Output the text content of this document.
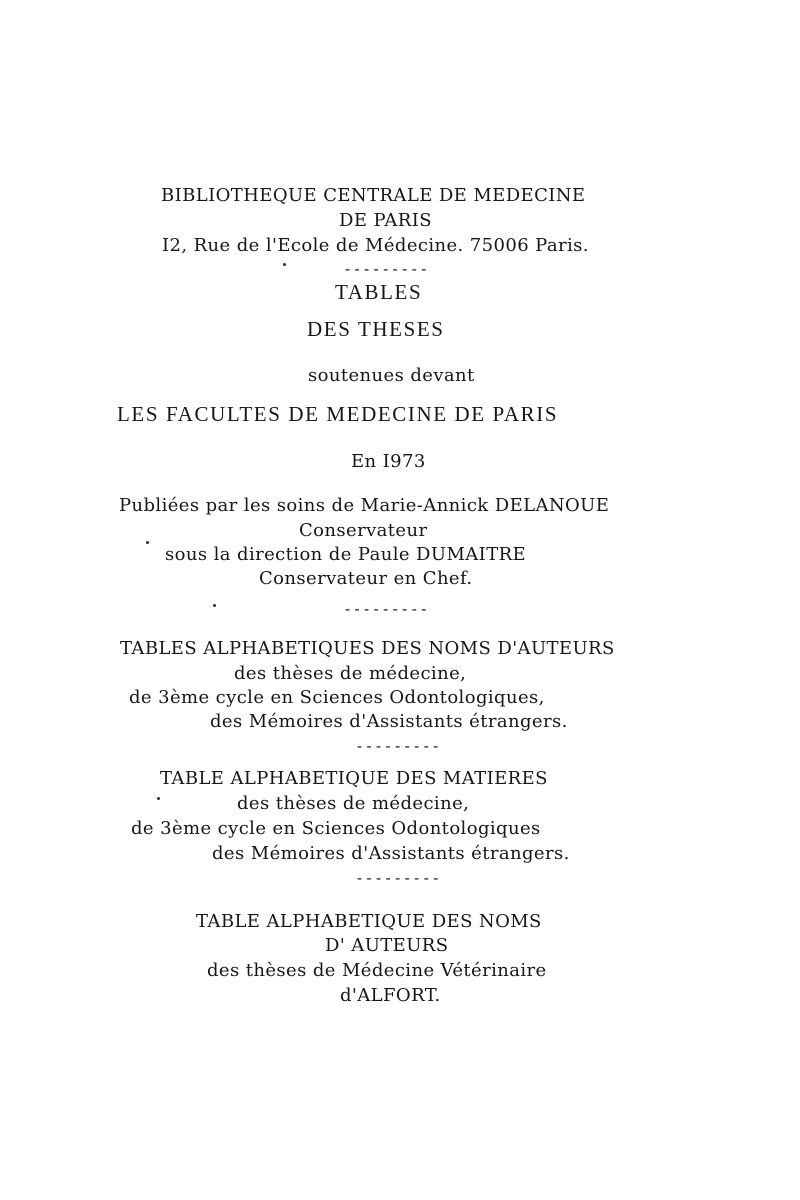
BIBLIOTHEQUE CENTRALE DE MEDECINE

DE PARIS

I2, Rue de l'Ecole de Médecine. 75006 Paris.

---------

TABLES

DES THESES

soutenues devant

LES FACULTES DE MEDECINE DE PARIS

En I973

Publiées par les soins de Marie-Annick DELANOUE

Conservateur

sous la direction de Paule DUMAITRE

Conservateur en Chef.

---------

TABLES ALPHABETIQUES DES NOMS D'AUTEURS

des thèses de médecine,

de 3ème cycle en Sciences Odontologiques,

des Mémoires d'Assistants étrangers.

---------

TABLE ALPHABETIQUE DES MATIERES

des thèses de médecine,

de 3ème cycle en Sciences Odontologiques

des Mémoires d'Assistants étrangers.

---------

TABLE ALPHABETIQUE DES NOMS

D' AUTEURS

des thèses de Médecine Vétérinaire

d'ALFORT.
